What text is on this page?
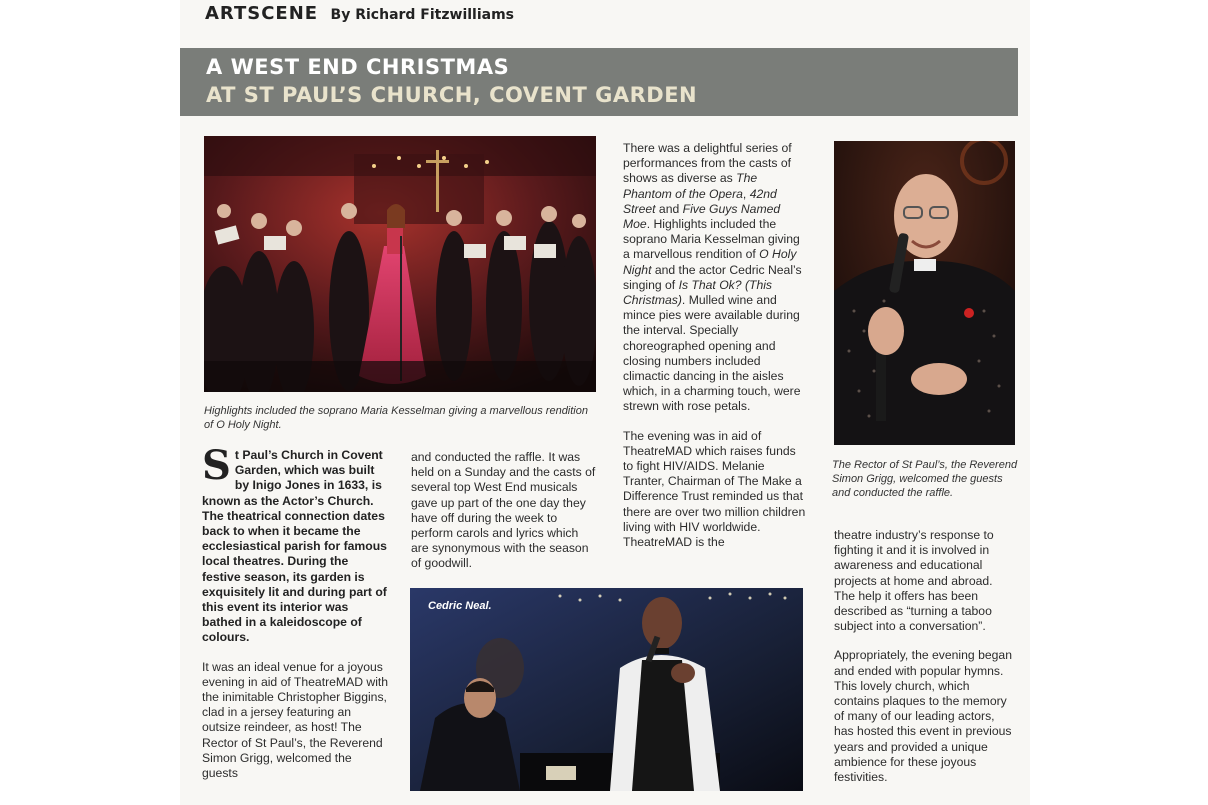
ARTSCENE By Richard Fitzwilliams
A WEST END CHRISTMAS
AT ST PAUL’S CHURCH, COVENT GARDEN
Highlights included the soprano Maria Kesselman giving a marvellous rendition of O Holy Night.
The Rector of St Paul’s, the Reverend Simon Grigg, welcomed the guests and conducted the raffle.
Cedric Neal.

St Paul’s Church in Covent Garden, which was built by Inigo Jones in 1633, is known as the Actor’s Church. The theatrical connection dates back to when it became the ecclesiastical parish for famous local theatres. During the festive season, its garden is exquisitely lit and during part of this event its interior was bathed in a kaleidoscope of colours.

It was an ideal venue for a joyous evening in aid of TheatreMAD with the inimitable Christopher Biggins, clad in a jersey featuring an outsize reindeer, as host! The Rector of St Paul’s, the Reverend Simon Grigg, welcomed the guests

and conducted the raffle. It was held on a Sunday and the casts of several top West End musicals gave up part of the one day they have off during the week to perform carols and lyrics which are synonymous with the season of goodwill.

There was a delightful series of performances from the casts of shows as diverse as The Phantom of the Opera, 42nd Street and Five Guys Named Moe. Highlights included the soprano Maria Kesselman giving a marvellous rendition of O Holy Night and the actor Cedric Neal’s singing of Is That Ok? (This Christmas). Mulled wine and mince pies were available during the interval. Specially choreographed opening and closing numbers included climactic dancing in the aisles which, in a charming touch, were strewn with rose petals.

The evening was in aid of TheatreMAD which raises funds to fight HIV/AIDS. Melanie Tranter, Chairman of The Make a Difference Trust reminded us that there are over two million children living with HIV worldwide. TheatreMAD is the

theatre industry’s response to fighting it and it is involved in awareness and educational projects at home and abroad. The help it offers has been described as “turning a taboo subject into a conversation”.

Appropriately, the evening began and ended with popular hymns. This lovely church, which contains plaques to the memory of many of our leading actors, has hosted this event in previous years and provided a unique ambience for these joyous festivities.
